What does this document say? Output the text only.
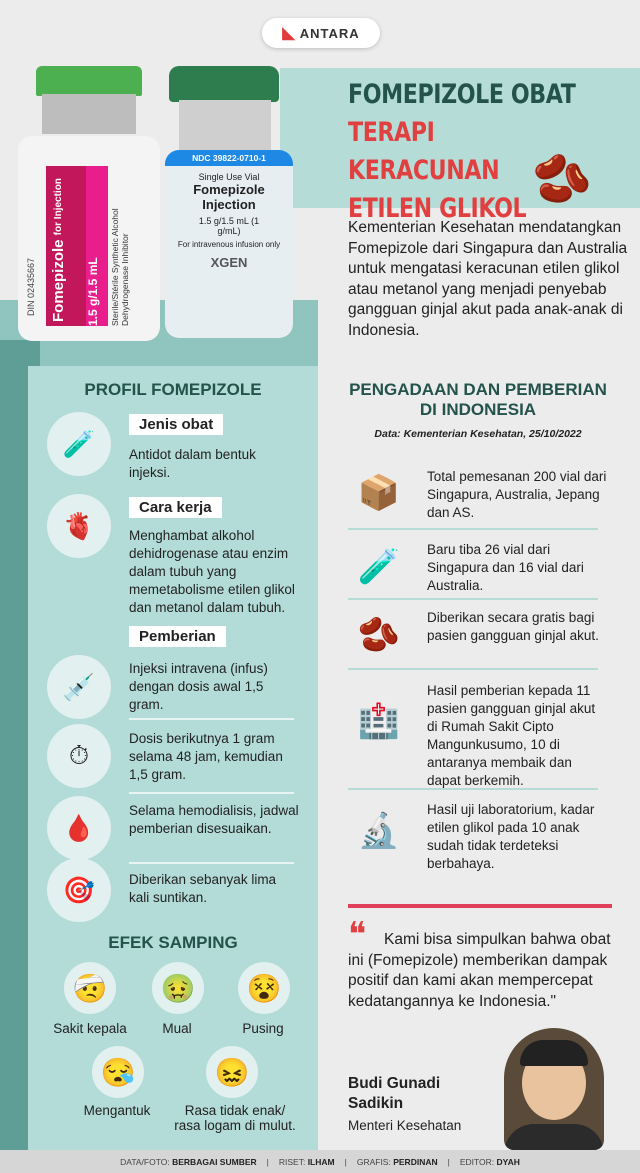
◣ ANTARA
DIN 02435667 Fomepizole for Injection
1.5 g/1.5 mL	Sterile/Stérile Synthetic Alcohol Dehydrogenase Inhibitor
NDC 39822-0710-1
Single Use Vial
Fomepizole Injection
1.5 g/1.5 mL (1 g/mL)
For intravenous infusion only
XGEN
FOMEPIZOLE OBAT
TERAPI KERACUNAN
ETILEN GLIKOL
🫘
Kementerian Kesehatan mendatangkan Fomepizole dari Singapura dan Australia untuk mengatasi keracunan etilen glikol atau metanol yang menjadi penyebab gangguan ginjal akut pada anak-anak di Indonesia.
PROFIL FOMEPIZOLE
🧪
Jenis obat
Antidot dalam bentuk injeksi.
🫀
Cara kerja
Menghambat alkohol dehidrogenase atau enzim dalam tubuh yang memetabolisme etilen glikol dan metanol dalam tubuh.
Pemberian
💉
Injeksi intravena (infus) dengan dosis awal 1,5 gram.
⏱
Dosis berikutnya 1 gram selama 48 jam, kemudian 1,5 gram.
🩸
Selama hemodialisis, jadwal pemberian disesuaikan.
🎯	Diberikan sebanyak lima kali suntikan.
EFEK SAMPING
🤕
Sakit kepala
🤢
Mual
😵
Pusing
😪
Mengantuk
😖
Rasa tidak enak/ rasa logam di mulut.
PENGADAAN DAN PEMBERIAN DI INDONESIA
Data: Kementerian Kesehatan, 25/10/2022
📦	Total pemesanan 200 vial dari Singapura, Australia, Jepang dan AS.
🧪	Baru tiba 26 vial dari Singapura dan 16 vial dari Australia.
🫘	Diberikan secara gratis bagi pasien gangguan ginjal akut.
🏥
Hasil pemberian kepada 11 pasien gangguan ginjal akut di Rumah Sakit Cipto Mangunkusumo, 10 di antaranya membaik dan dapat berkemih.
🔬
Hasil uji laboratorium, kadar etilen glikol pada 10 anak sudah tidak terdeteksi berbahaya.
❝	Kami bisa simpulkan bahwa obat ini (Fomepizole) memberikan dampak positif dan kami akan mempercepat kedatangannya ke Indonesia."
Budi Gunadi Sadikin
Menteri Kesehatan
DATA/FOTO: BERBAGAI SUMBER | RISET: ILHAM | GRAFIS: PERDINAN | EDITOR: DYAH
